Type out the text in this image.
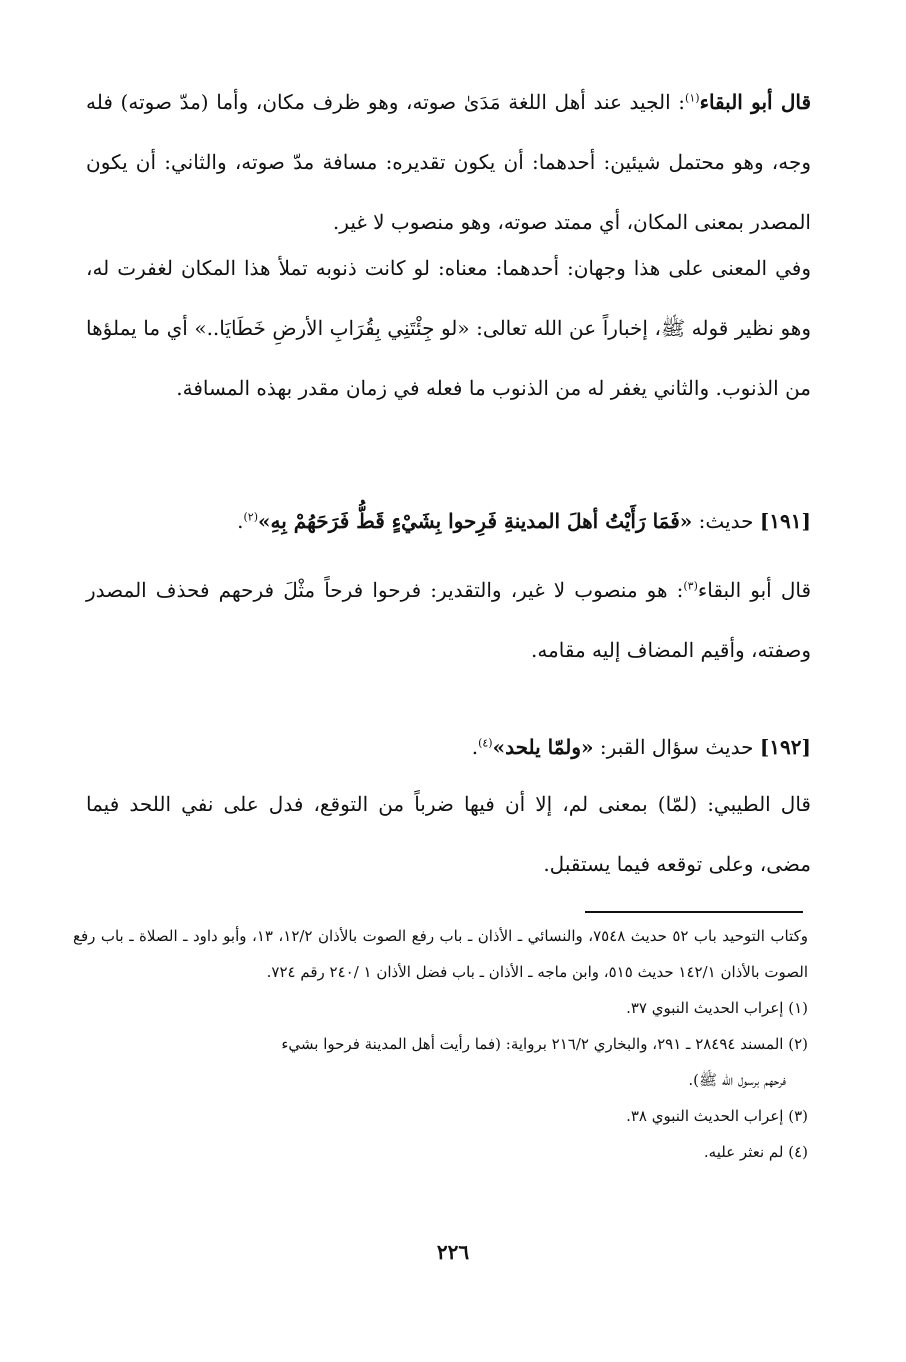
قال أبو البقاء$^{(١)}$: الجيد عند أهل اللغة مَدَىٰ صوته، وهو ظرف مكان، وأما (مدّ صوته) فله وجه، وهو محتمل شيئين: أحدهما: أن يكون تقديره: مسافة مدّ صوته، والثاني: أن يكون المصدر بمعنى المكان، أي ممتد صوته، وهو منصوب لا غير.

وفي المعنى على هذا وجهان: أحدهما: معناه: لو كانت ذنوبه تملأ هذا المكان لغفرت له، وهو نظير قوله ﷺ، إخباراً عن الله تعالى: «لو جِئْتَنِي بِقُرَابِ الأرضِ خَطَايَا..» أي ما يملؤها من الذنوب. والثاني يغفر له من الذنوب ما فعله في زمان مقدر بهذه المسافة.

[١٩١] حديث: «فَمَا رَأَيْتُ أهلَ المدينةِ فَرِحوا بِشَيْءٍ قَطُّ فَرَحَهُمْ بِهِ»$^{(٢)}$.

قال أبو البقاء$^{(٣)}$: هو منصوب لا غير، والتقدير: فرحوا فرحاً مثْلَ فرحهم فحذف المصدر وصفته، وأقيم المضاف إليه مقامه.

[١٩٢] حديث سؤال القبر: «ولمّا يلحد»$^{(٤)}$.

قال الطيبي: (لمّا) بمعنى لم، إلا أن فيها ضرباً من التوقع، فدل على نفي اللحد فيما مضى، وعلى توقعه فيما يستقبل.

وكتاب التوحيد باب ٥٢ حديث ٧٥٤٨، والنسائي ـ الأذان ـ باب رفع الصوت بالأذان ١٢/٢، ١٣، وأبو داود ـ الصلاة ـ باب رفع الصوت بالأذان ١٤٢/١ حديث ٥١٥، وابن ماجه ـ الأذان ـ باب فضل الأذان ١ /٢٤٠ رقم ٧٢٤.

(١) إعراب الحديث النبوي ٣٧.

(٢) المسند ٢٨٤٩٤ ـ ٢٩١، والبخاري ٢١٦/٢ برواية: (فما رأيت أهل المدينة فرحوا بشيء

فرحهم برسول الله ﷺ).

(٣) إعراب الحديث النبوي ٣٨.

(٤) لم نعثر عليه.

٢٢٦
